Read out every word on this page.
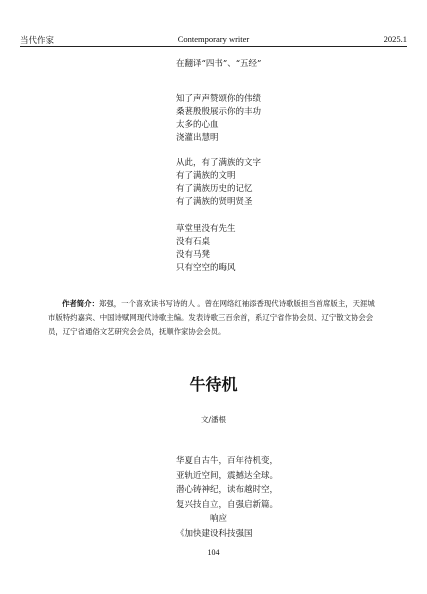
当代作家	Contemporary writer	2025.1
在翻译“四书”、“五经”
知了声声赞颂你的伟绩
桑葚殷殷展示你的丰功
太多的心血
浇灌出慧明
从此，有了满族的文字
有了满族的文明
有了满族历史的记忆
有了满族的贤明贤圣
草堂里没有先生
没有石桌
没有马凳
只有空空的晦风
作者简介：郑强，一个喜欢读书写诗的人 。曾在网络红袖添香现代诗歌版担当首席版主，天涯城市版特约嘉宾、中国诗赋网现代诗歌主编。发表诗歌三百余首，系辽宁省作协会员、辽宁散文协会会员，辽宁省通俗文艺研究会会员，抚顺作家协会会员。
牛待机
文/潘根
华夏自古牛，百年待机变，
亚轨近空间，震撼达全球。
潜心铸神纪，读布越时空，
复兴技自立，自强启新篇。
响应
《加快建设科技强国
104
